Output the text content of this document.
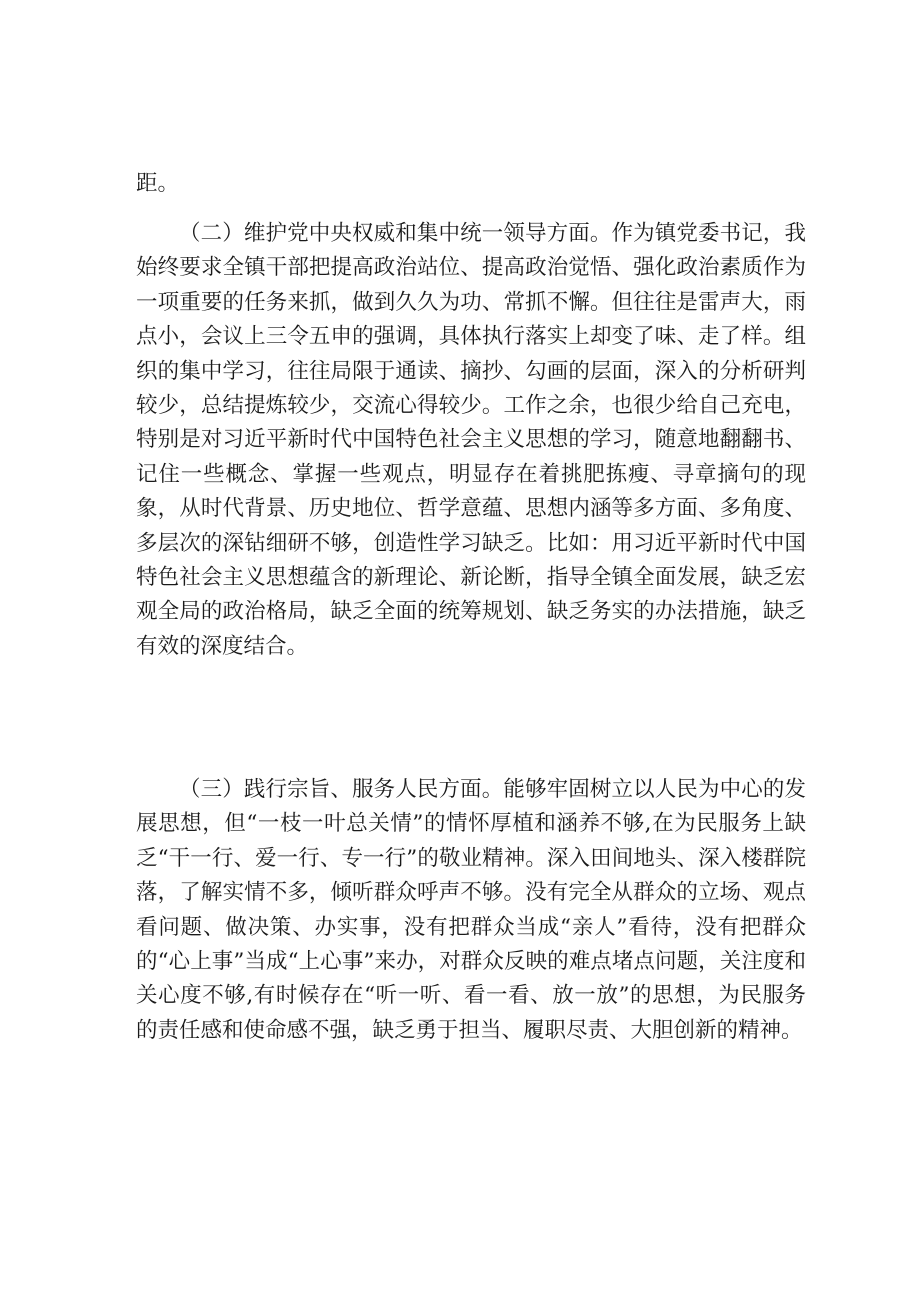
距。

（二）维护党中央权威和集中统一领导方面。作为镇党委书记，我始终要求全镇干部把提高政治站位、提高政治觉悟、强化政治素质作为一项重要的任务来抓，做到久久为功、常抓不懈。但往往是雷声大，雨点小，会议上三令五申的强调，具体执行落实上却变了味、走了样。组织的集中学习，往往局限于通读、摘抄、勾画的层面，深入的分析研判较少，总结提炼较少，交流心得较少。工作之余，也很少给自己充电，特别是对习近平新时代中国特色社会主义思想的学习，随意地翻翻书、记住一些概念、掌握一些观点，明显存在着挑肥拣瘦、寻章摘句的现象，从时代背景、历史地位、哲学意蕴、思想内涵等多方面、多角度、多层次的深钻细研不够，创造性学习缺乏。比如：用习近平新时代中国特色社会主义思想蕴含的新理论、新论断，指导全镇全面发展，缺乏宏观全局的政治格局，缺乏全面的统筹规划、缺乏务实的办法措施，缺乏有效的深度结合。

（三）践行宗旨、服务人民方面。能够牢固树立以人民为中心的发展思想，但“一枝一叶总关情”的情怀厚植和涵养不够,在为民服务上缺乏“干一行、爱一行、专一行”的敬业精神。深入田间地头、深入楼群院落，了解实情不多，倾听群众呼声不够。没有完全从群众的立场、观点看问题、做决策、办实事，没有把群众当成“亲人”看待，没有把群众的“心上事”当成“上心事”来办，对群众反映的难点堵点问题，关注度和关心度不够,有时候存在“听一听、看一看、放一放”的思想，为民服务的责任感和使命感不强，缺乏勇于担当、履职尽责、大胆创新的精神。
